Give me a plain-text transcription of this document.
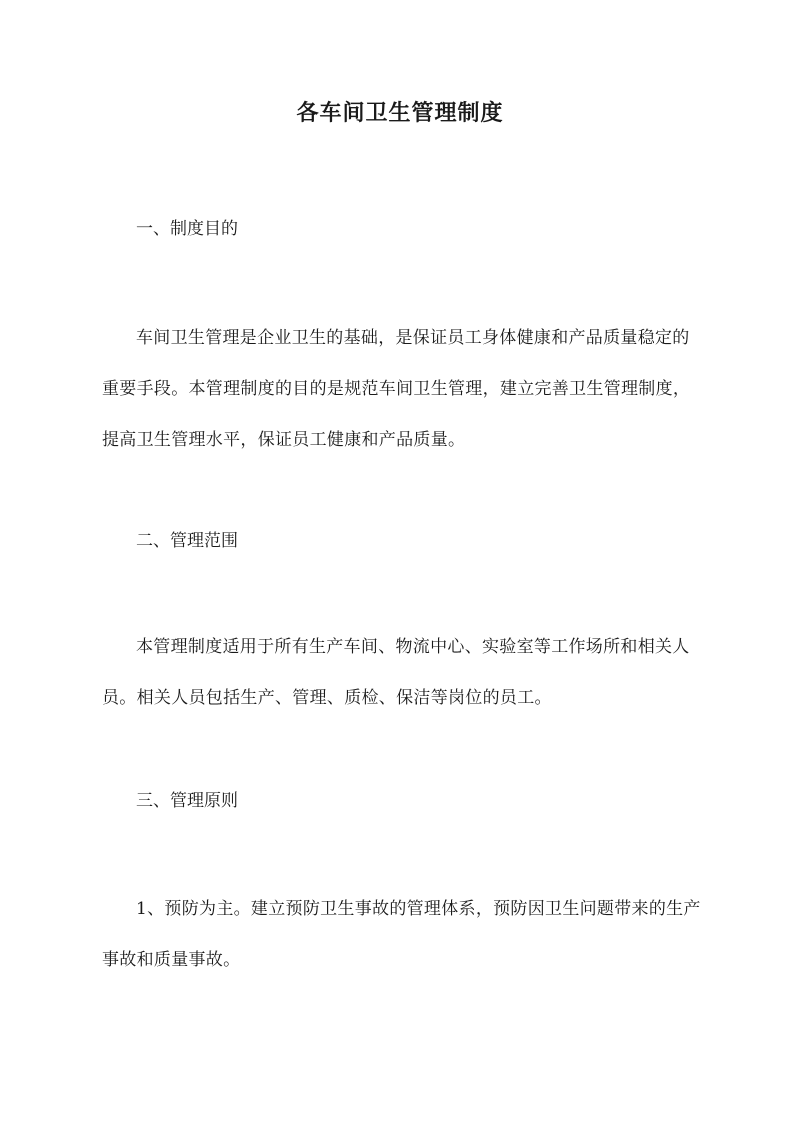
各车间卫生管理制度
一、制度目的
车间卫生管理是企业卫生的基础，是保证员工身体健康和产品质量稳定的重要手段。本管理制度的目的是规范车间卫生管理，建立完善卫生管理制度，提高卫生管理水平，保证员工健康和产品质量。
二、管理范围
本管理制度适用于所有生产车间、物流中心、实验室等工作场所和相关人员。相关人员包括生产、管理、质检、保洁等岗位的员工。
三、管理原则
1、预防为主。建立预防卫生事故的管理体系，预防因卫生问题带来的生产事故和质量事故。
